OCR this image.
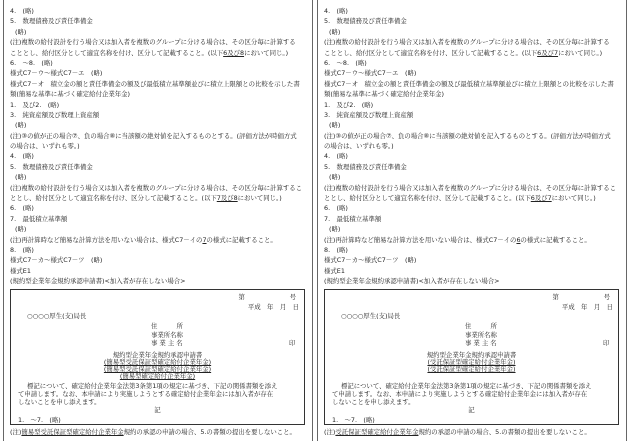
4.　(略)
5.　数理債務及び責任準備金
(略)
(注)複数の給付設計を行う場合又は加入者を複数のグループに分ける場合は、その区分毎に計算する
こととし、給付区分として適宜名称を付け、区分して記載すること。(以下6及び8において同じ。)
6.　～8.　(略)
様式C7－ウ～様式C7－エ　(略)
様式C7－オ　積立金の額と責任準備金の額及び最低積立基準額並びに積立上限額との比較を示した書
類(簡易な基準に基づく確定給付企業年金)
1.　及び2.　(略)
3.　純資産額及び数理上資産額
(略)
(注)③の値が正の場合⑦、負の場合⑧に当該額の絶対値を記入するものとする。(評価方法が時価方式
の場合は、いずれも零。)
4.　(略)
5.　数理債務及び責任準備金
(略)
(注)複数の給付設計を行う場合又は加入者を複数のグループに分ける場合は、その区分毎に計算するこ
ととし、給付区分として適宜名称を付け、区分して記載すること。(以下7及び8において同じ。)
6.　(略)
7.　最低積立基準額
(略)
(注)再計算時など簡易な計算方法を用いない場合は、様式C7－イの7の様式に記載すること。
8.　(略)
様式C7－カ～様式C7－ツ　(略)
様式E1
(規約型企業年金規約承認申請書)<加入者が存在しない場合>
第　　　　　　　号
平成　年　月　日
○○○○厚生(支)局長
住　　　所
事業所名称
事 業 主 名	印
規約型企業年金規約承認申請書
(簡易型受託保証型確定給付企業年金)
(簡易型受託保証型確定給付企業年金)
(簡易型確定給付企業年金)
標記について、確定給付企業年金法第3条第1項の規定に基づき、下記の関係書類を添え
て申請します。なお、本申請により実施しようとする確定給付企業年金には加入者が存在
しないことを申し添えます。
記
1.　～7.　(略)
(注)簡易型受託保証型確定給付企業年金規約の承認の申請の場合、5.の書類の提出を要しないこと。
4.　(略)
5.　数理債務及び責任準備金
(略)
(注)複数の給付設計を行う場合又は加入者を複数のグループに分ける場合は、その区分毎に計算する
こととし、給付区分として適宜名称を付け、区分して記載すること。(以下6及び7において同じ。)
6.　～8.　(略)
様式C7－ウ～様式C7－エ　(略)
様式C7－オ　積立金の額と責任準備金の額及び最低積立基準額並びに積立上限額との比較を示した書
類(簡易な基準に基づく確定給付企業年金)
1.　及び2.　(略)
3.　純資産額及び数理上資産額
(略)
(注)③の値が正の場合⑦、負の場合⑧に当該額の絶対値を記入するものとする。(評価方法が時価方式
の場合は、いずれも零。)
4.　(略)
5.　数理債務及び責任準備金
(略)
(注)複数の給付設計を行う場合又は加入者を複数のグループに分ける場合は、その区分毎に計算するこ
ととし、給付区分として適宜名称を付け、区分して記載すること。(以下6及び7において同じ。)
6.　(略)
7.　最低積立基準額
(略)
(注)再計算時など簡易な計算方法を用いない場合は、様式C7－イの6の様式に記載すること。
8.　(略)
様式C7－カ～様式C7－ツ　(略)
様式E1
(規約型企業年金規約承認申請書)<加入者が存在しない場合>
第　　　　　　　号
平成　年　月　日
○○○○厚生(支)局長
住　　　所
事業所名称
事 業 主 名	印
規約型企業年金規約承認申請書
(受託保証型確定給付企業年金)
(受託保証型確定給付企業年金)
標記について、確定給付企業年金法第3条第1項の規定に基づき、下記の関係書類を添え
て申請します。なお、本申請により実施しようとする確定給付企業年金には加入者が存在
しないことを申し添えます。
記
1.　～7.　(略)
(注)受託保証型確定給付企業年金規約の承認の申請の場合、5.の書類の提出を要しないこと。
